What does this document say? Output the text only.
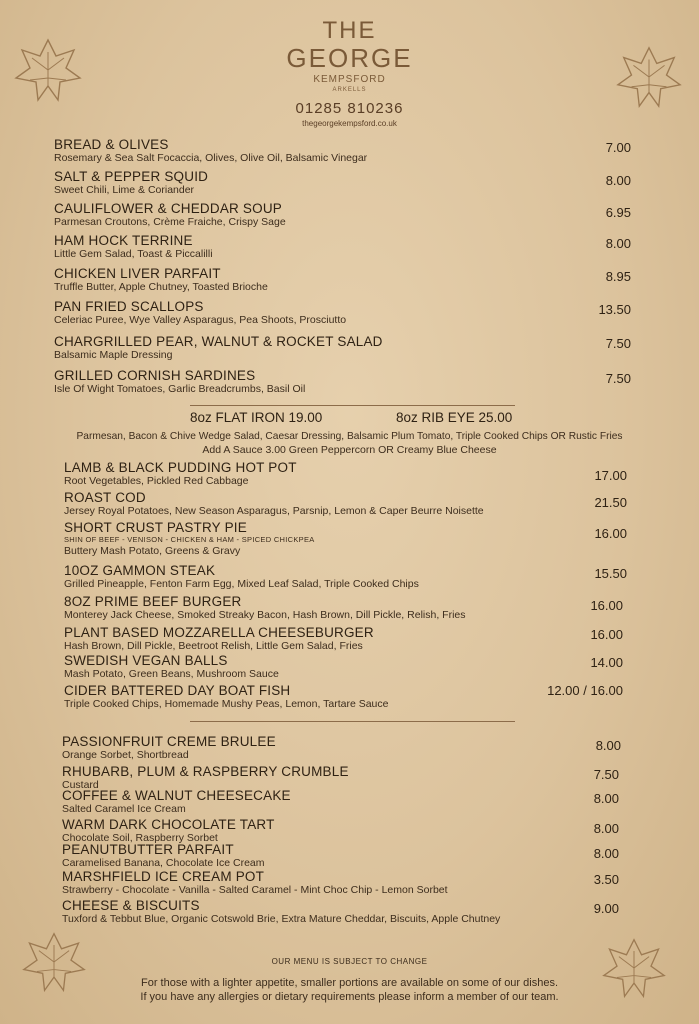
THE
GEORGE
KEMPSFORD
ARKELLS
01285 810236
thegeorgekempsford.co.uk
BREAD & OLIVES
Rosemary & Sea Salt Focaccia, Olives, Olive Oil, Balsamic Vinegar
7.00
SALT & PEPPER SQUID
Sweet Chili, Lime & Coriander
8.00
CAULIFLOWER & CHEDDAR SOUP
Parmesan Croutons, Crème Fraiche, Crispy Sage
6.95
HAM HOCK TERRINE
Little Gem Salad, Toast & Piccalilli
8.00
CHICKEN LIVER PARFAIT
Truffle Butter, Apple Chutney, Toasted Brioche
8.95
PAN FRIED SCALLOPS
Celeriac Puree, Wye Valley Asparagus, Pea Shoots, Prosciutto
13.50
CHARGRILLED PEAR, WALNUT & ROCKET SALAD
Balsamic Maple Dressing
7.50
GRILLED CORNISH SARDINES
Isle Of Wight Tomatoes, Garlic Breadcrumbs, Basil Oil
7.50
8oz FLAT IRON 19.00	8oz RIB EYE 25.00
Parmesan, Bacon & Chive Wedge Salad, Caesar Dressing, Balsamic Plum Tomato, Triple Cooked Chips OR Rustic Fries
Add A Sauce 3.00 Green Peppercorn OR Creamy Blue Cheese
LAMB & BLACK PUDDING HOT POT
Root Vegetables, Pickled Red Cabbage	17.00
ROAST COD
Jersey Royal Potatoes, New Season Asparagus, Parsnip, Lemon & Caper Beurre Noisette
21.50
SHORT CRUST PASTRY PIE
SHIN OF BEEF - VENISON - CHICKEN & HAM - SPICED CHICKPEA
Buttery Mash Potato, Greens & Gravy
16.00
10OZ GAMMON STEAK
Grilled Pineapple, Fenton Farm Egg, Mixed Leaf Salad, Triple Cooked Chips
15.50
8OZ PRIME BEEF BURGER
Monterey Jack Cheese, Smoked Streaky Bacon, Hash Brown, Dill Pickle, Relish, Fries
16.00
PLANT BASED MOZZARELLA CHEESEBURGER
Hash Brown, Dill Pickle, Beetroot Relish, Little Gem Salad, Fries
16.00
SWEDISH VEGAN BALLS
Mash Potato, Green Beans, Mushroom Sauce
14.00
CIDER BATTERED DAY BOAT FISH
Triple Cooked Chips, Homemade Mushy Peas, Lemon, Tartare Sauce
12.00 / 16.00
PASSIONFRUIT CREME BRULEE
Orange Sorbet, Shortbread
8.00
RHUBARB, PLUM & RASPBERRY CRUMBLE
Custard
7.50
COFFEE & WALNUT CHEESECAKE
Salted Caramel Ice Cream
8.00
WARM DARK CHOCOLATE TART
Chocolate Soil, Raspberry Sorbet
8.00
PEANUTBUTTER PARFAIT
Caramelised Banana, Chocolate Ice Cream
8.00
MARSHFIELD ICE CREAM POT
Strawberry - Chocolate - Vanilla - Salted Caramel - Mint Choc Chip - Lemon Sorbet
3.50
CHEESE & BISCUITS
Tuxford & Tebbut Blue, Organic Cotswold Brie, Extra Mature Cheddar, Biscuits, Apple Chutney
9.00
OUR MENU IS SUBJECT TO CHANGE
For those with a lighter appetite, smaller portions are available on some of our dishes.
If you have any allergies or dietary requirements please inform a member of our team.
